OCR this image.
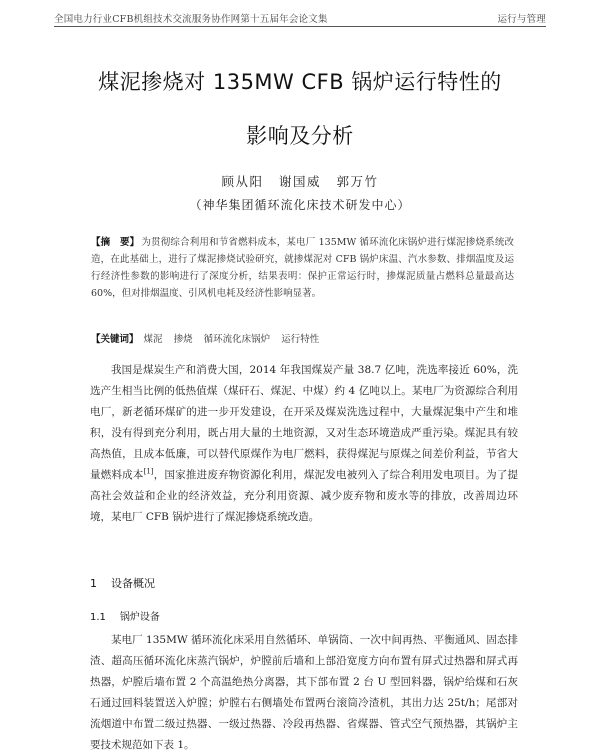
全国电力行业CFB机组技术交流服务协作网第十五届年会论文集	运行与管理
煤泥掺烧对 135MW CFB 锅炉运行特性的
影响及分析
顾从阳 谢国威 郭万竹
（神华集团循环流化床技术研发中心）
【摘　要】 为贯彻综合利用和节省燃料成本，某电厂 135MW 循环流化床锅炉进行煤泥掺烧系统改造，在此基础上，进行了煤泥掺烧试验研究，就掺煤泥对 CFB 锅炉床温、汽水参数、排烟温度及运行经济性参数的影响进行了深度分析，结果表明：保护正常运行时，掺煤泥质量占燃料总量最高达 60%，但对排烟温度、引风机电耗及经济性影响显著。
【关键词】 煤泥 掺烧 循环流化床锅炉 运行特性

我国是煤炭生产和消费大国，2014 年我国煤炭产量 38.7 亿吨，洗选率接近 60%，洗选产生相当比例的低热值煤（煤矸石、煤泥、中煤）约 4 亿吨以上。某电厂为资源综合利用电厂，新老循环煤矿的进一步开发建设，在开采及煤炭洗选过程中，大量煤泥集中产生和堆积，没有得到充分利用，既占用大量的土地资源，又对生态环境造成严重污染。煤泥具有较高热值，且成本低廉，可以替代原煤作为电厂燃料，获得煤泥与原煤之间差价利益，节省大量燃料成本[1]，国家推进废弃物资源化利用，煤泥发电被列入了综合利用发电项目。为了提高社会效益和企业的经济效益，充分利用资源、减少废弃物和废水等的排放，改善周边环境，某电厂 CFB 锅炉进行了煤泥掺烧系统改造。

1 设备概况
1.1 锅炉设备

某电厂 135MW 循环流化床采用自然循环、单锅筒、一次中间再热、平衡通风、固态排渣、超高压循环流化床蒸汽锅炉，炉膛前后墙和上部沿宽度方向布置有屏式过热器和屏式再热器，炉膛后墙布置 2 个高温绝热分离器，其下部布置 2 台 U 型回料器，锅炉给煤和石灰石通过回料装置送入炉膛；炉膛右右侧墙处布置两台滚筒冷渣机，其出力达 25t/h；尾部对流烟道中布置二级过热器、一级过热器、冷段再热器、省煤器、管式空气预热器，其锅炉主要技术规范如下表 1。
